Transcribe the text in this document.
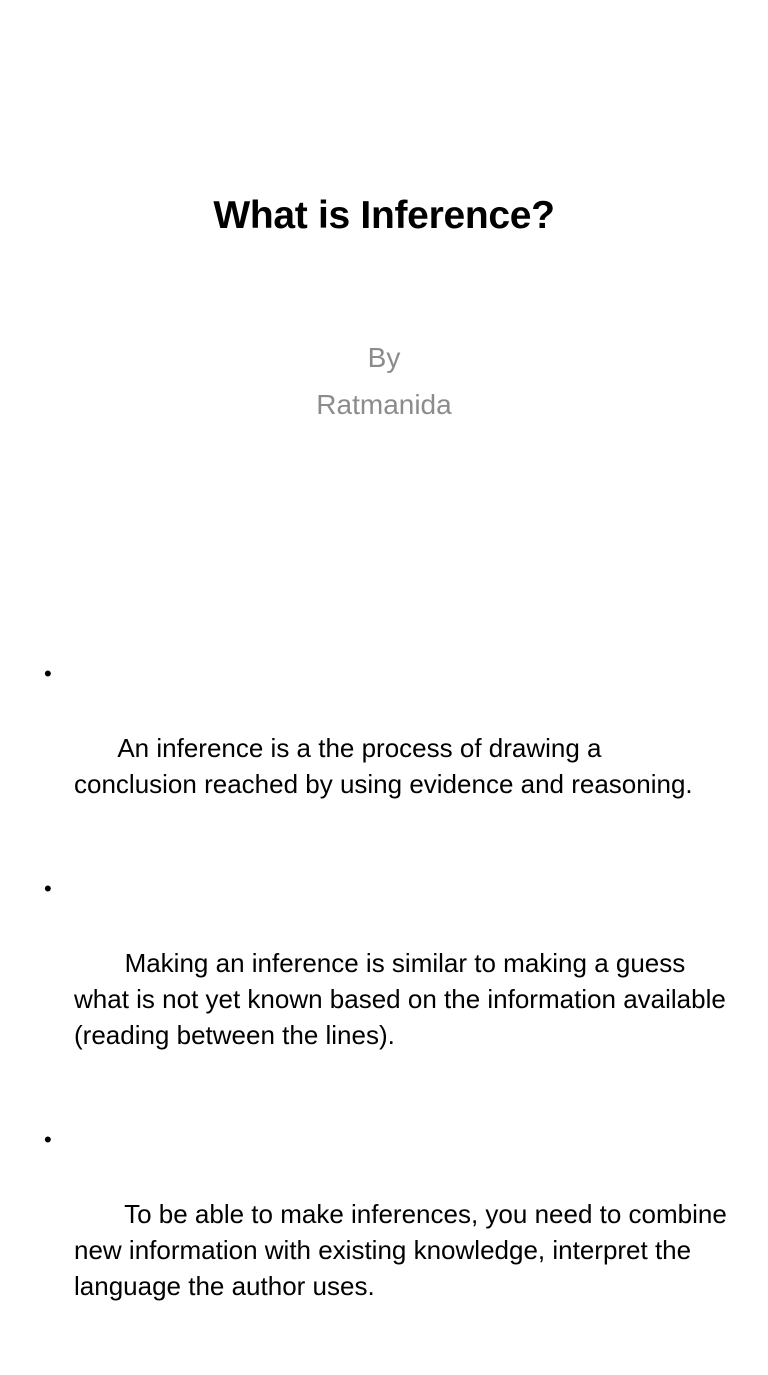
What is Inference?
By
Ratmanida

•

An inference is a the process of drawing a conclusion reached by using evidence and reasoning.

•

Making an inference is similar to making a guess what is not yet known based on the information available  (reading between the lines).

•

To be able to make inferences, you need to combine new information with existing knowledge, interpret the language the author uses.
